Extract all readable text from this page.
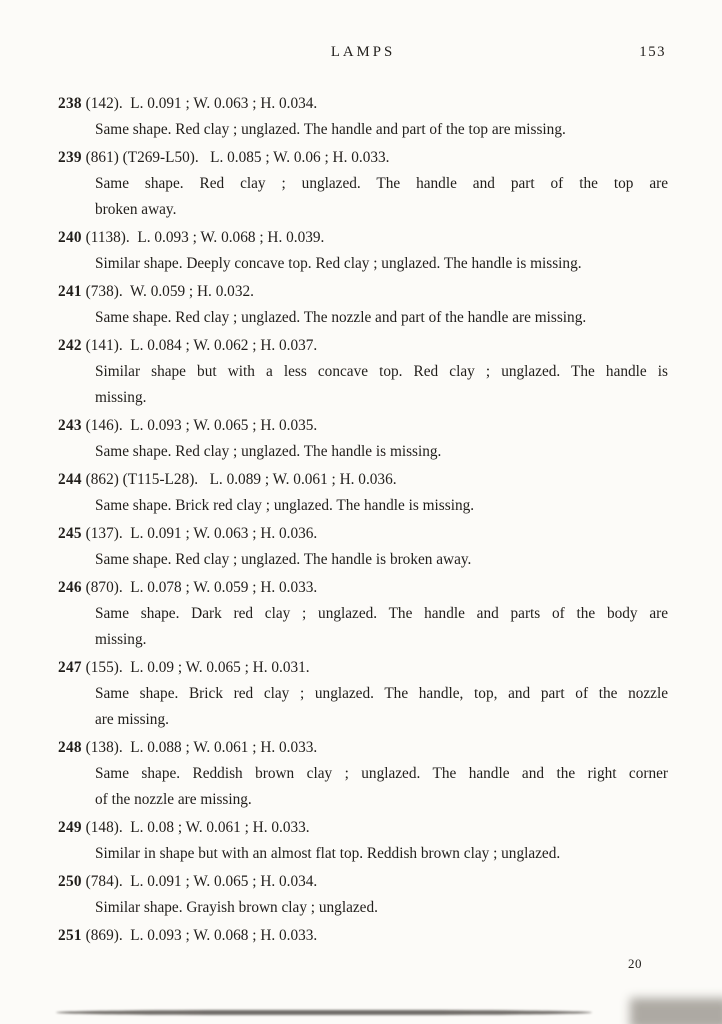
LAMPS	153
238 (142).  L. 0.091 ; W. 0.063 ; H. 0.034.
Same shape. Red clay ; unglazed. The handle and part of the top are missing.
239 (861) (T269-L50).   L. 0.085 ; W. 0.06 ; H. 0.033.
Same shape. Red clay ; unglazed. The handle and part of the top are
broken away.
240 (1138).  L. 0.093 ; W. 0.068 ; H. 0.039.
Similar shape. Deeply concave top. Red clay ; unglazed. The handle is missing.
241 (738).  W. 0.059 ; H. 0.032.
Same shape. Red clay ; unglazed. The nozzle and part of the handle are missing.
242 (141).  L. 0.084 ; W. 0.062 ; H. 0.037.
Similar shape but with a less concave top. Red clay ; unglazed. The handle is
missing.
243 (146).  L. 0.093 ; W. 0.065 ; H. 0.035.
Same shape. Red clay ; unglazed. The handle is missing.
244 (862) (T115-L28).   L. 0.089 ; W. 0.061 ; H. 0.036.
Same shape. Brick red clay ; unglazed. The handle is missing.
245 (137).  L. 0.091 ; W. 0.063 ; H. 0.036.
Same shape. Red clay ; unglazed. The handle is broken away.
246 (870).  L. 0.078 ; W. 0.059 ; H. 0.033.
Same shape. Dark red clay ; unglazed. The handle and parts of the body are
missing.
247 (155).  L. 0.09 ; W. 0.065 ; H. 0.031.
Same shape. Brick red clay ; unglazed. The handle, top, and part of the nozzle
are missing.
248 (138).  L. 0.088 ; W. 0.061 ; H. 0.033.
Same shape. Reddish brown clay ; unglazed. The handle and the right corner
of the nozzle are missing.
249 (148).  L. 0.08 ; W. 0.061 ; H. 0.033.
Similar in shape but with an almost flat top. Reddish brown clay ; unglazed.
250 (784).  L. 0.091 ; W. 0.065 ; H. 0.034.
Similar shape. Grayish brown clay ; unglazed.
251 (869).  L. 0.093 ; W. 0.068 ; H. 0.033.
20
